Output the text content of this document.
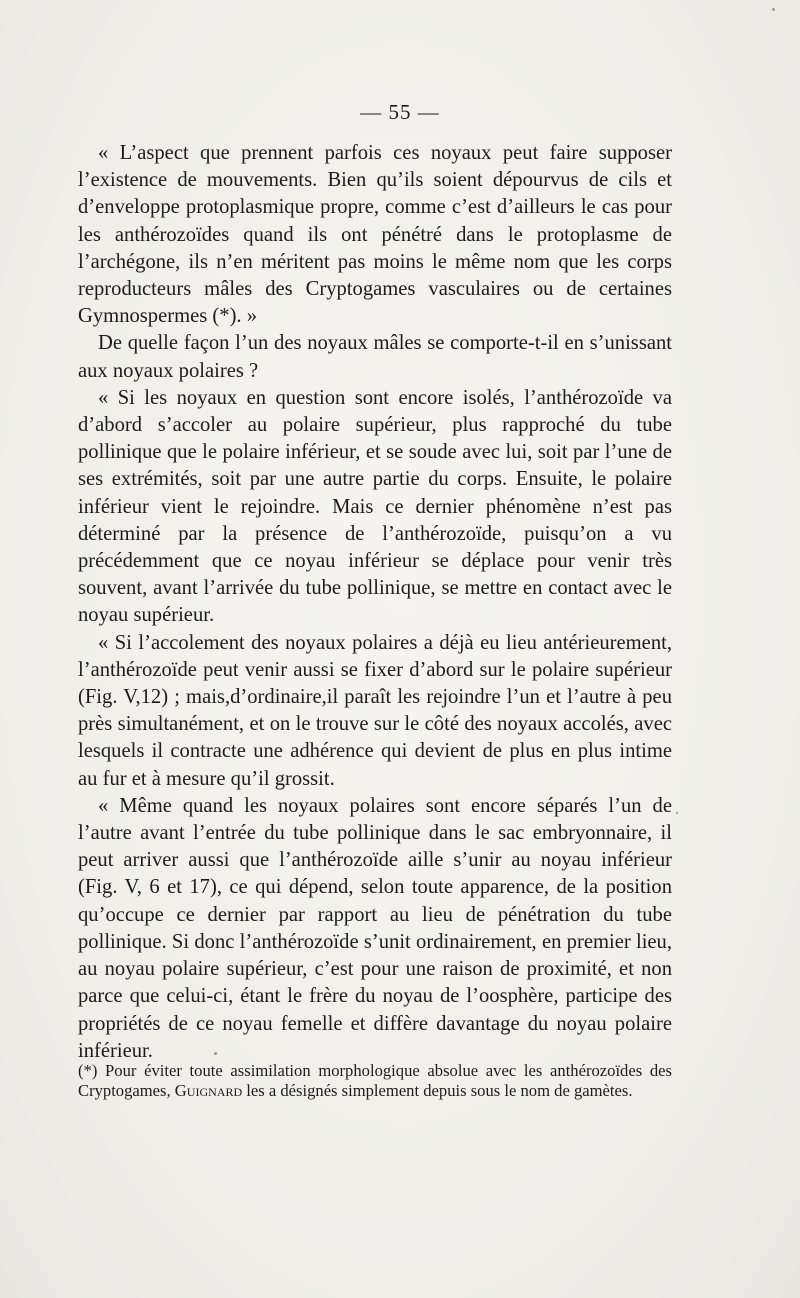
— 55 —

« L’aspect que prennent parfois ces noyaux peut faire supposer l’existence de mouvements. Bien qu’ils soient dépourvus de cils et d’enveloppe protoplasmique propre, comme c’est d’ailleurs le cas pour les anthérozoïdes quand ils ont pénétré dans le protoplasme de l’archégone, ils n’en méritent pas moins le même nom que les corps reproducteurs mâles des Cryptogames vasculaires ou de certaines Gymnospermes (*). »

De quelle façon l’un des noyaux mâles se comporte-t-il en s’unissant aux noyaux polaires ?

« Si les noyaux en question sont encore isolés, l’anthérozoïde va d’abord s’accoler au polaire supérieur, plus rapproché du tube pollinique que le polaire inférieur, et se soude avec lui, soit par l’une de ses extrémités, soit par une autre partie du corps. Ensuite, le polaire inférieur vient le rejoindre. Mais ce dernier phénomène n’est pas déterminé par la présence de l’anthérozoïde, puisqu’on a vu précédemment que ce noyau inférieur se déplace pour venir très souvent, avant l’arrivée du tube pollinique, se mettre en contact avec le noyau supérieur.

« Si l’accolement des noyaux polaires a déjà eu lieu antérieurement, l’anthérozoïde peut venir aussi se fixer d’abord sur le polaire supérieur (Fig. V,12) ; mais,d’ordinaire,il paraît les rejoindre l’un et l’autre à peu près simultanément, et on le trouve sur le côté des noyaux accolés, avec lesquels il contracte une adhérence qui devient de plus en plus intime au fur et à mesure qu’il grossit.

« Même quand les noyaux polaires sont encore séparés l’un de l’autre avant l’entrée du tube pollinique dans le sac embryonnaire, il peut arriver aussi que l’anthérozoïde aille s’unir au noyau inférieur (Fig. V, 6 et 17), ce qui dépend, selon toute apparence, de la position qu’occupe ce dernier par rapport au lieu de pénétration du tube pollinique. Si donc l’anthérozoïde s’unit ordinairement, en premier lieu, au noyau polaire supérieur, c’est pour une raison de proximité, et non parce que celui-ci, étant le frère du noyau de l’oosphère, participe des propriétés de ce noyau femelle et diffère davantage du noyau polaire inférieur.

(*) Pour éviter toute assimilation morphologique absolue avec les anthérozoïdes des Cryptogames, Guignard les a désignés simplement depuis sous le nom de gamètes.
